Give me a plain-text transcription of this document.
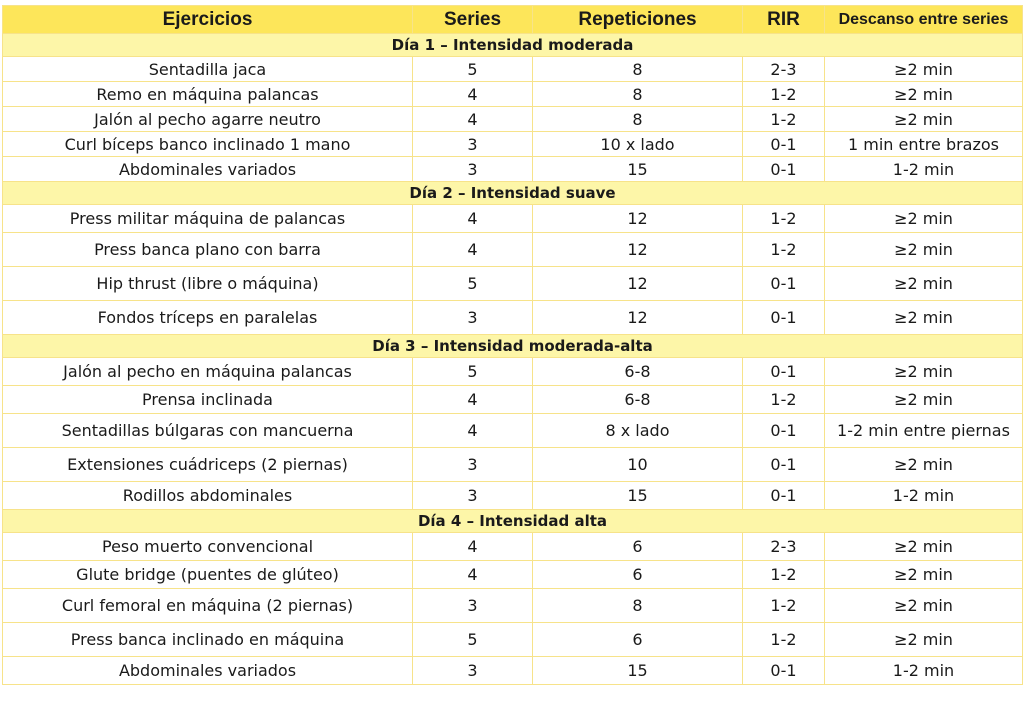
Ejercicios	Series	Repeticiones	RIR	Descanso entre series
Día 1 – Intensidad moderada				
Sentadilla jaca	5	8	2-3	≥2 min
Remo en máquina palancas	4	8	1-2	≥2 min
Jalón al pecho agarre neutro	4	8	1-2	≥2 min
Curl bíceps banco inclinado 1 mano	3	10 x lado	0-1	1 min entre brazos
Abdominales variados	3	15	0-1	1-2 min
Día 2 – Intensidad suave				
Press militar máquina de palancas	4	12	1-2	≥2 min
Press banca plano con barra	4	12	1-2	≥2 min
Hip thrust (libre o máquina)	5	12	0-1	≥2 min
Fondos tríceps en paralelas	3	12	0-1	≥2 min
Día 3 – Intensidad moderada-alta				
Jalón al pecho en máquina palancas	5	6-8	0-1	≥2 min
Prensa inclinada	4	6-8	1-2	≥2 min
Sentadillas búlgaras con mancuerna	4	8 x lado	0-1	1-2 min entre piernas
Extensiones cuádriceps (2 piernas)	3	10	0-1	≥2 min
Rodillos abdominales	3	15	0-1	1-2 min
Día 4 – Intensidad alta				
Peso muerto convencional	4	6	2-3	≥2 min
Glute bridge (puentes de glúteo)	4	6	1-2	≥2 min
Curl femoral en máquina (2 piernas)	3	8	1-2	≥2 min
Press banca inclinado en máquina	5	6	1-2	≥2 min
Abdominales variados	3	15	0-1	1-2 min
